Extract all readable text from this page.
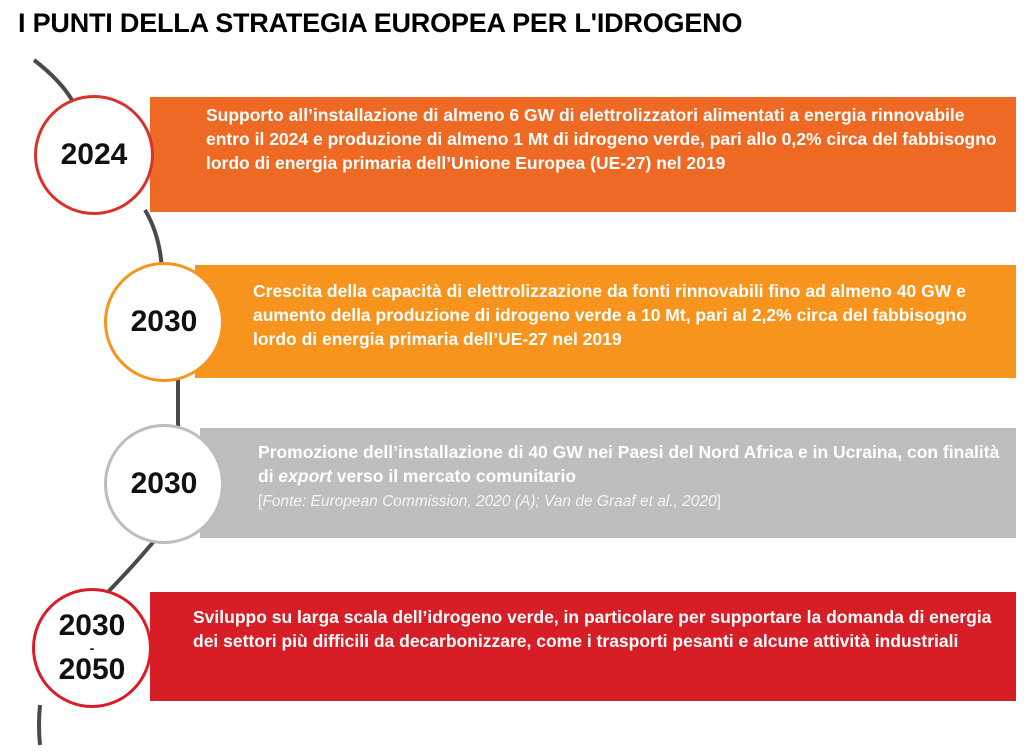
I PUNTI DELLA STRATEGIA EUROPEA PER L'IDROGENO
Supporto all’installazione di almeno 6 GW di elettrolizzatori alimentati a energia rinnovabile entro il 2024 e produzione di almeno 1 Mt di idrogeno verde, pari allo 0,2% circa del fabbisogno lordo di energia primaria dell’Unione Europea (UE-27) nel 2019
2024
Crescita della capacità di elettrolizzazione da fonti rinnovabili fino ad almeno 40 GW e aumento della produzione di idrogeno verde a 10 Mt, pari al 2,2% circa del fabbisogno lordo di energia primaria dell’UE-27 nel 2019
2030
Promozione dell’installazione di 40 GW nei Paesi del Nord Africa e in Ucraina, con finalità di export verso il mercato comunitario
[Fonte: European Commission, 2020 (A); Van de Graaf et al., 2020]
2030
Sviluppo su larga scala dell’idrogeno verde, in particolare per supportare la domanda di energia dei settori più difficili da decarbonizzare, come i trasporti pesanti e alcune attività industriali
2030
-
2050
